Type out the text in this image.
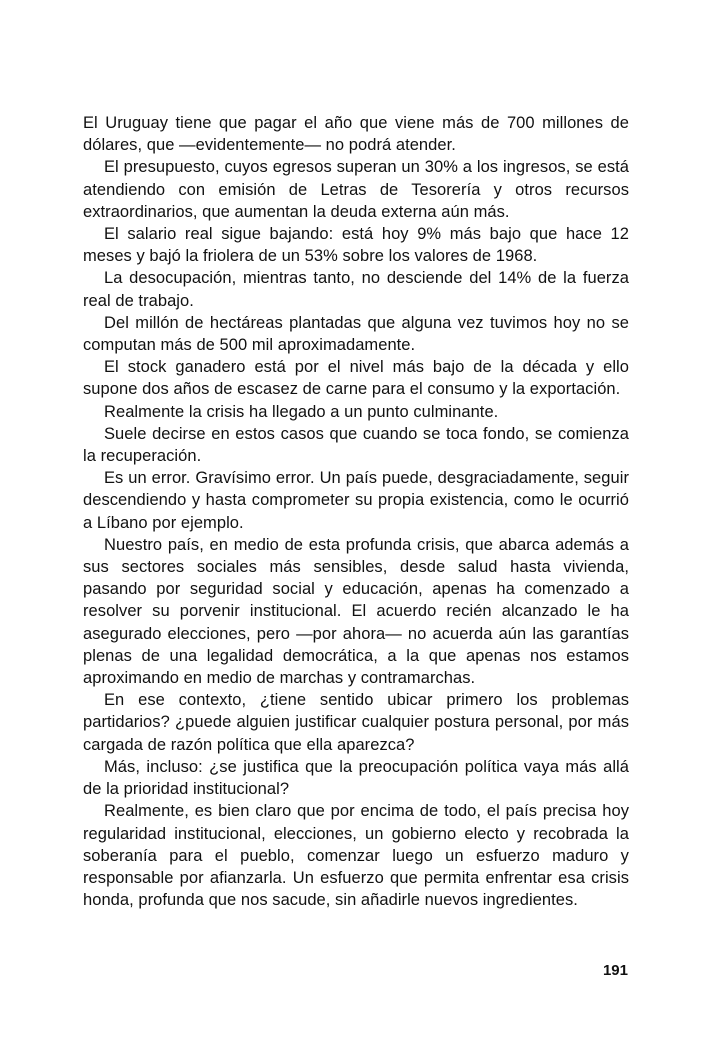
El Uruguay tiene que pagar el año que viene más de 700 millones de dólares, que —evidentemente— no podrá atender.

El presupuesto, cuyos egresos superan un 30% a los ingresos, se está atendiendo con emisión de Letras de Tesorería y otros recursos extraordinarios, que aumentan la deuda externa aún más.

El salario real sigue bajando: está hoy 9% más bajo que hace 12 meses y bajó la friolera de un 53% sobre los valores de 1968.

La desocupación, mientras tanto, no desciende del 14% de la fuerza real de trabajo.

Del millón de hectáreas plantadas que alguna vez tuvimos hoy no se computan más de 500 mil aproximadamente.

El stock ganadero está por el nivel más bajo de la década y ello supone dos años de escasez de carne para el consumo y la exportación.

Realmente la crisis ha llegado a un punto culminante.

Suele decirse en estos casos que cuando se toca fondo, se comienza la recuperación.

Es un error. Gravísimo error. Un país puede, desgraciadamente, seguir descendiendo y hasta comprometer su propia existencia, como le ocurrió a Líbano por ejemplo.

Nuestro país, en medio de esta profunda crisis, que abarca además a sus sectores sociales más sensibles, desde salud hasta vivienda, pasando por seguridad social y educación, apenas ha comenzado a resolver su porvenir institucional. El acuerdo recién alcanzado le ha asegurado elecciones, pero —por ahora— no acuerda aún las garantías plenas de una legalidad democrática, a la que apenas nos estamos aproximando en medio de marchas y contramarchas.

En ese contexto, ¿tiene sentido ubicar primero los problemas partidarios? ¿puede alguien justificar cualquier postura personal, por más cargada de razón política que ella aparezca?

Más, incluso: ¿se justifica que la preocupación política vaya más allá de la prioridad institucional?

Realmente, es bien claro que por encima de todo, el país precisa hoy regularidad institucional, elecciones, un gobierno electo y recobrada la soberanía para el pueblo, comenzar luego un esfuerzo maduro y responsable por afianzarla. Un esfuerzo que permita enfrentar esa crisis honda, profunda que nos sacude, sin añadirle nuevos ingredientes.

191
